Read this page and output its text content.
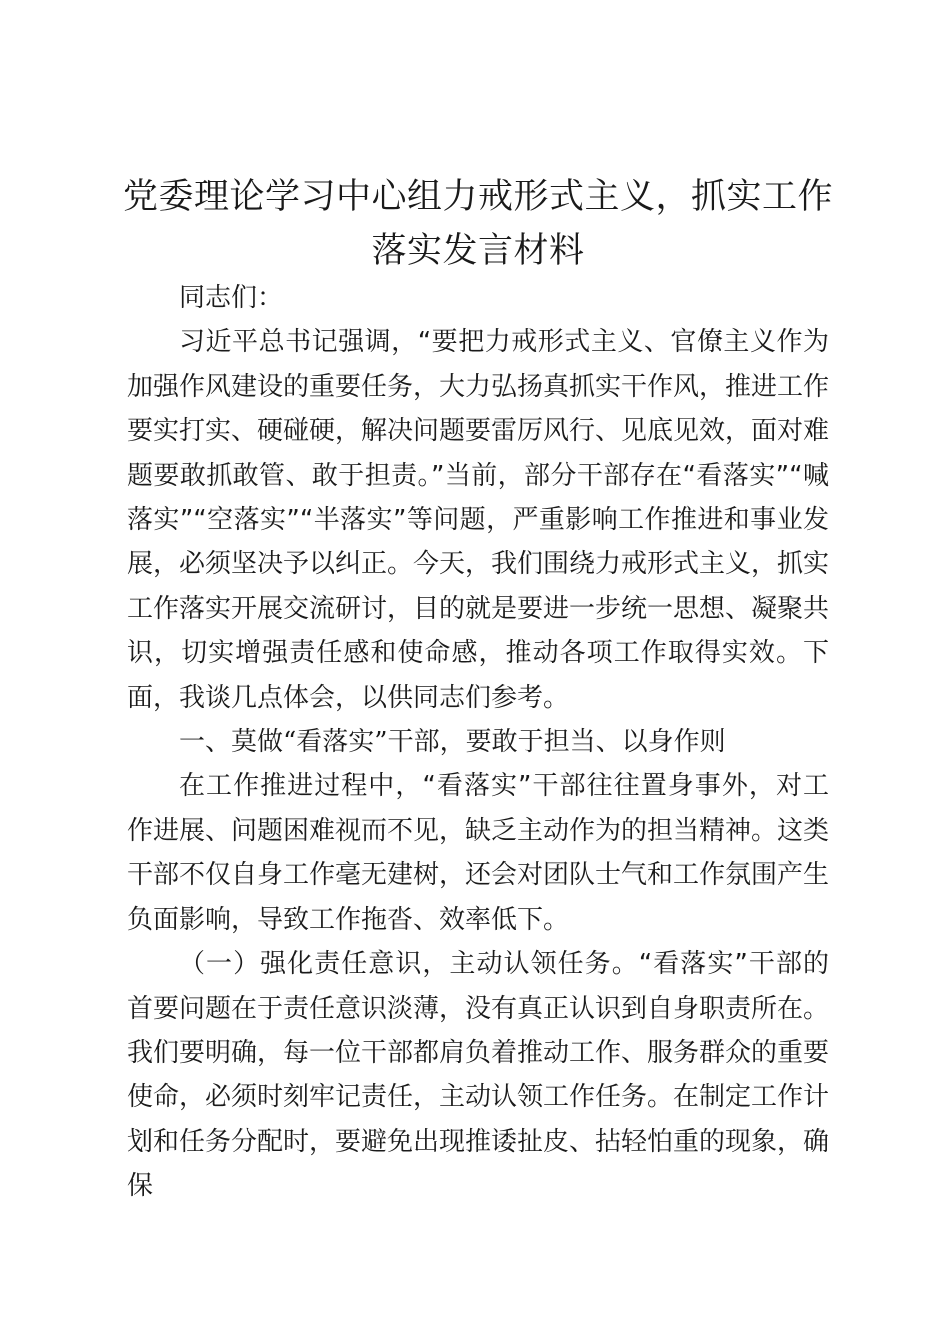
党委理论学习中心组力戒形式主义，抓实工作落实发言材料

同志们：

习近平总书记强调，“要把力戒形式主义、官僚主义作为加强作风建设的重要任务，大力弘扬真抓实干作风，推进工作要实打实、硬碰硬，解决问题要雷厉风行、见底见效，面对难题要敢抓敢管、敢于担责。”当前，部分干部存在“看落实”“喊落实”“空落实”“半落实”等问题，严重影响工作推进和事业发展，必须坚决予以纠正。今天，我们围绕力戒形式主义，抓实工作落实开展交流研讨，目的就是要进一步统一思想、凝聚共识，切实增强责任感和使命感，推动各项工作取得实效。下面，我谈几点体会，以供同志们参考。

一、莫做“看落实”干部，要敢于担当、以身作则

在工作推进过程中，“看落实”干部往往置身事外，对工作进展、问题困难视而不见，缺乏主动作为的担当精神。这类干部不仅自身工作毫无建树，还会对团队士气和工作氛围产生负面影响，导致工作拖沓、效率低下。

（一）强化责任意识，主动认领任务。“看落实”干部的首要问题在于责任意识淡薄，没有真正认识到自身职责所在。我们要明确，每一位干部都肩负着推动工作、服务群众的重要使命，必须时刻牢记责任，主动认领工作任务。在制定工作计划和任务分配时，要避免出现推诿扯皮、拈轻怕重的现象，确保
